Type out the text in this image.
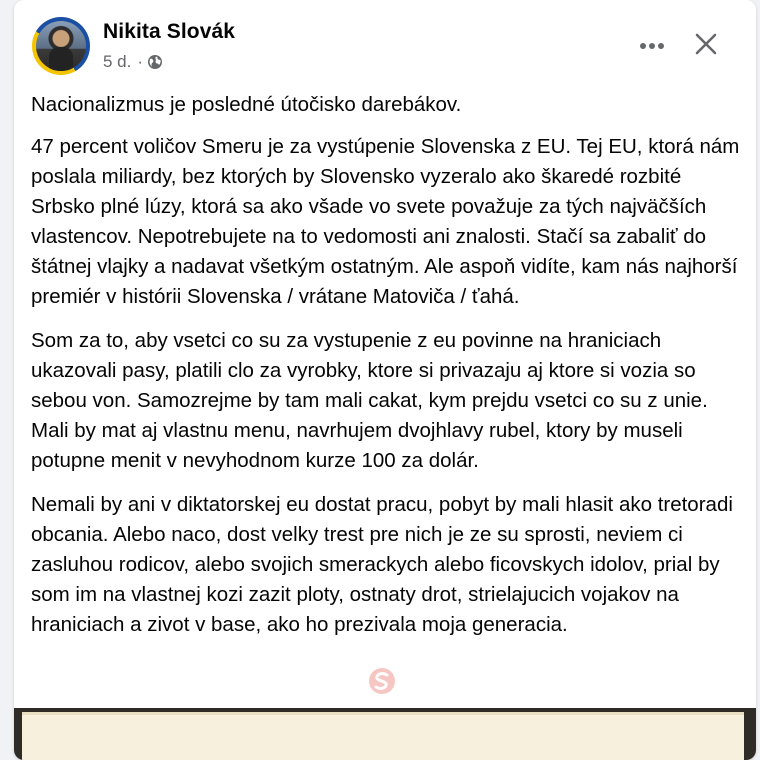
Nikita Slovák
5 d. ·

Nacionalizmus je posledné útočisko darebákov.

47 percent voličov Smeru je za vystúpenie Slovenska z EU. Tej EU, ktorá nám poslala miliardy, bez ktorých by Slovensko vyzeralo ako škaredé rozbité Srbsko plné lúzy, ktorá sa ako všade vo svete považuje za tých najväčších vlastencov. Nepotrebujete na to vedomosti ani znalosti. Stačí sa zabaliť do štátnej vlajky a nadavat všetkým ostatným. Ale aspoň vidíte, kam nás najhorší premiér v histórii Slovenska / vrátane Matoviča / ťahá.

Som za to, aby vsetci co su za vystupenie z eu povinne na hraniciach ukazovali pasy, platili clo za vyrobky, ktore si privazaju aj ktore si vozia so sebou von. Samozrejme by tam mali cakat, kym prejdu vsetci co su z unie. Mali by mat aj vlastnu menu, navrhujem dvojhlavy rubel, ktory by museli potupne menit v nevyhodnom kurze 100 za dolár.

Nemali by ani v diktatorskej eu dostat pracu, pobyt by mali hlasit ako tretoradi obcania. Alebo naco, dost velky trest pre nich je ze su sprosti, neviem ci zasluhou rodicov, alebo svojich smerackych alebo ficovskych idolov, prial by som im na vlastnej kozi zazit ploty, ostnaty drot, strielajucich vojakov na hraniciach a zivot v base, ako ho prezivala moja generacia.
